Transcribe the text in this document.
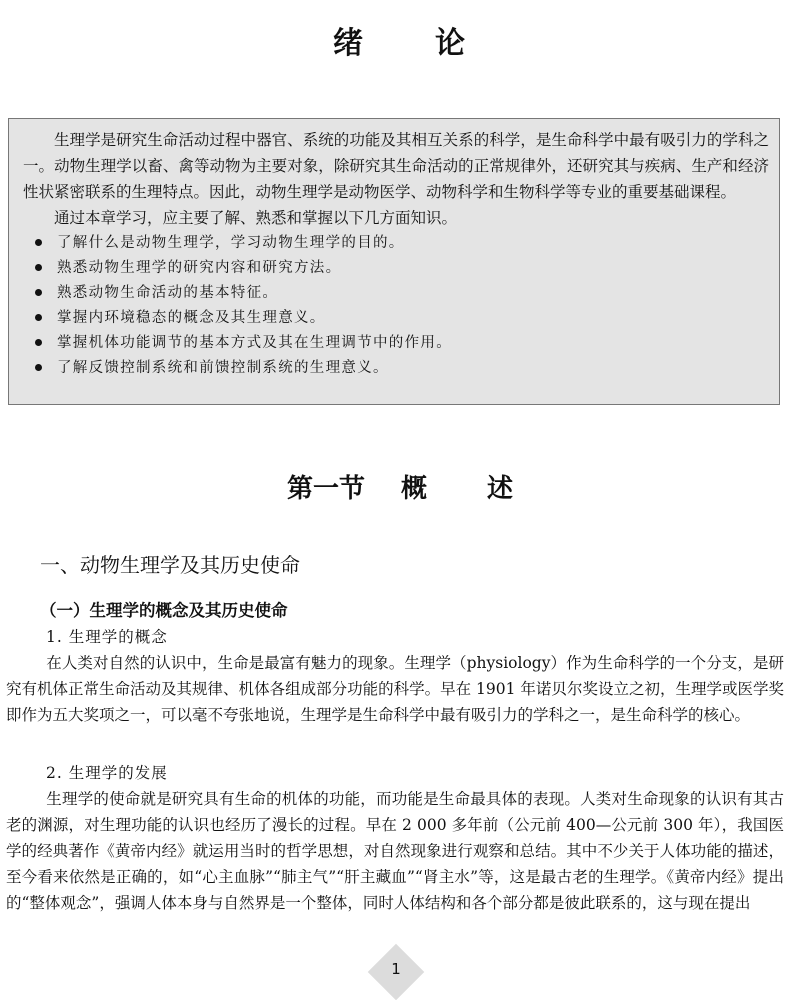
绪 论

生理学是研究生命活动过程中器官、系统的功能及其相互关系的科学，是生命科学中最有吸引力的学科之一。动物生理学以畜、禽等动物为主要对象，除研究其生命活动的正常规律外，还研究其与疾病、生产和经济性状紧密联系的生理特点。因此，动物生理学是动物医学、动物科学和生物科学等专业的重要基础课程。

通过本章学习，应主要了解、熟悉和掌握以下几方面知识。

了解什么是动物生理学，学习动物生理学的目的。
熟悉动物生理学的研究内容和研究方法。
熟悉动物生命活动的基本特征。
掌握内环境稳态的概念及其生理意义。
掌握机体功能调节的基本方式及其在生理调节中的作用。
了解反馈控制系统和前馈控制系统的生理意义。
第一节 概 述
一、动物生理学及其历史使命
（一）生理学的概念及其历史使命
1. 生理学的概念

在人类对自然的认识中，生命是最富有魅力的现象。生理学（physiology）作为生命科学的一个分支，是研究有机体正常生命活动及其规律、机体各组成部分功能的科学。早在 1901 年诺贝尔奖设立之初，生理学或医学奖即作为五大奖项之一，可以毫不夸张地说，生理学是生命科学中最有吸引力的学科之一，是生命科学的核心。

2. 生理学的发展

生理学的使命就是研究具有生命的机体的功能，而功能是生命最具体的表现。人类对生命现象的认识有其古老的渊源，对生理功能的认识也经历了漫长的过程。早在 2 000 多年前（公元前 400—公元前 300 年），我国医学的经典著作《黄帝内经》就运用当时的哲学思想，对自然现象进行观察和总结。其中不少关于人体功能的描述，至今看来依然是正确的，如“心主血脉”“肺主气”“肝主藏血”“肾主水”等，这是最古老的生理学。《黄帝内经》提出的“整体观念”，强调人体本身与自然界是一个整体，同时人体结构和各个部分都是彼此联系的，这与现在提出

1
